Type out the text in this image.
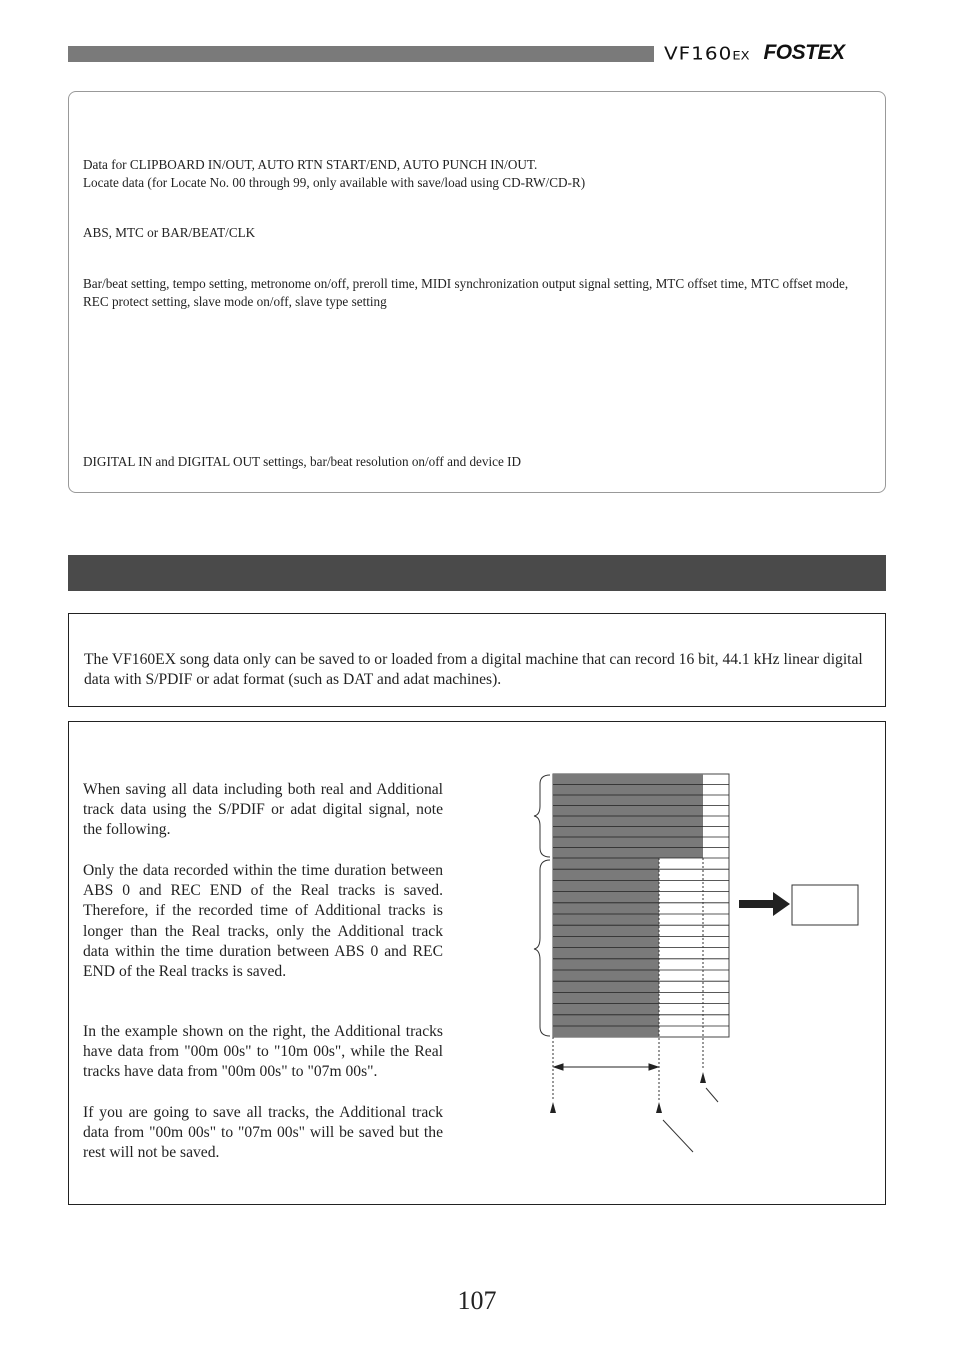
VF160EX FOSTEX
Data for CLIPBOARD IN/OUT, AUTO RTN START/END, AUTO PUNCH IN/OUT.
Locate data (for Locate No. 00 through 99, only available with save/load using CD-RW/CD-R)
ABS, MTC or BAR/BEAT/CLK
Bar/beat setting, tempo setting, metronome on/off, preroll time, MIDI synchronization output signal setting, MTC offset time, MTC offset mode, REC protect setting, slave mode on/off, slave type setting
DIGITAL IN and DIGITAL OUT settings, bar/beat resolution on/off and device ID

The VF160EX song data only can be saved to or loaded from a digital machine that can record 16 bit, 44.1 kHz linear digital data with S/PDIF or adat format (such as DAT and adat machines).

When saving all data including both real and Additional track data using the S/PDIF or adat digital signal, note the following.

Only the data recorded within the time duration between ABS 0 and REC END of the Real tracks is saved. Therefore, if the recorded time of Additional tracks is longer than the Real tracks, only the Additional track data within the time duration between ABS 0 and REC END of the Real tracks is saved.

In the example shown on the right, the Additional tracks have data from "00m 00s" to "10m 00s", while the Real tracks have data from "00m 00s" to "07m 00s".

If you are going to save all tracks, the Additional track data from "00m 00s" to "07m 00s" will be saved but the rest will not be saved.

107
